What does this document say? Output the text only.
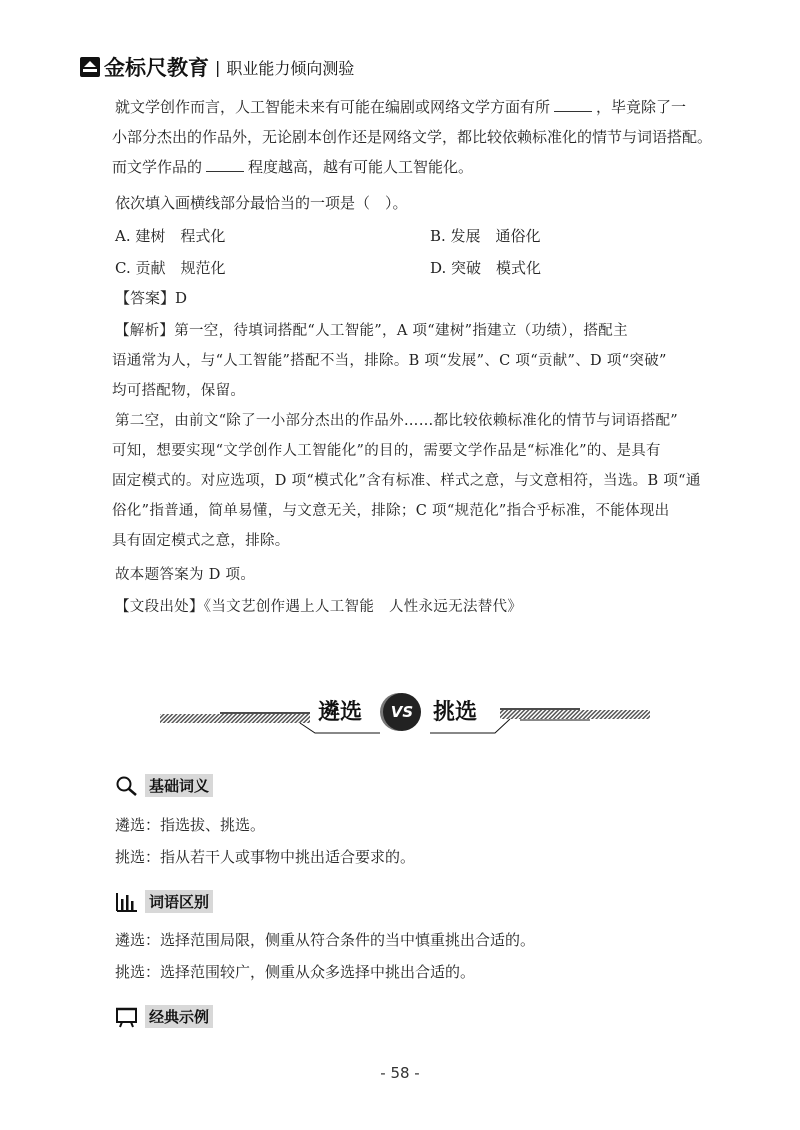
金标尺教育 | 职业能力倾向测验
就文学创作而言，人工智能未来有可能在编剧或网络文学方面有所	，毕竟除了一
小部分杰出的作品外，无论剧本创作还是网络文学，都比较依赖标准化的情节与词语搭配。
而文学作品的	程度越高，越有可能人工智能化。
依次填入画横线部分最恰当的一项是（　）。
A. 建树　程式化	B. 发展　通俗化
C. 贡献　规范化	D. 突破　模式化
【答案】D
【解析】第一空，待填词搭配“人工智能”，A 项“建树”指建立（功绩），搭配主
语通常为人，与“人工智能”搭配不当，排除。B 项“发展”、C 项“贡献”、D 项“突破”
均可搭配物，保留。
第二空，由前文“除了一小部分杰出的作品外……都比较依赖标准化的情节与词语搭配”
可知，想要实现“文学创作人工智能化”的目的，需要文学作品是“标准化”的、是具有
固定模式的。对应选项，D 项“模式化”含有标准、样式之意，与文意相符，当选。B 项“通
俗化”指普通，简单易懂，与文意无关，排除；C 项“规范化”指合乎标准，不能体现出
具有固定模式之意，排除。
故本题答案为 D 项。
【文段出处】《当文艺创作遇上人工智能　人性永远无法替代》
遴选	VS 挑选
基础词义
遴选：指选拔、挑选。
挑选：指从若干人或事物中挑出适合要求的。
词语区别
遴选：选择范围局限，侧重从符合条件的当中慎重挑出合适的。
挑选：选择范围较广，侧重从众多选择中挑出合适的。
经典示例
- 58 -
